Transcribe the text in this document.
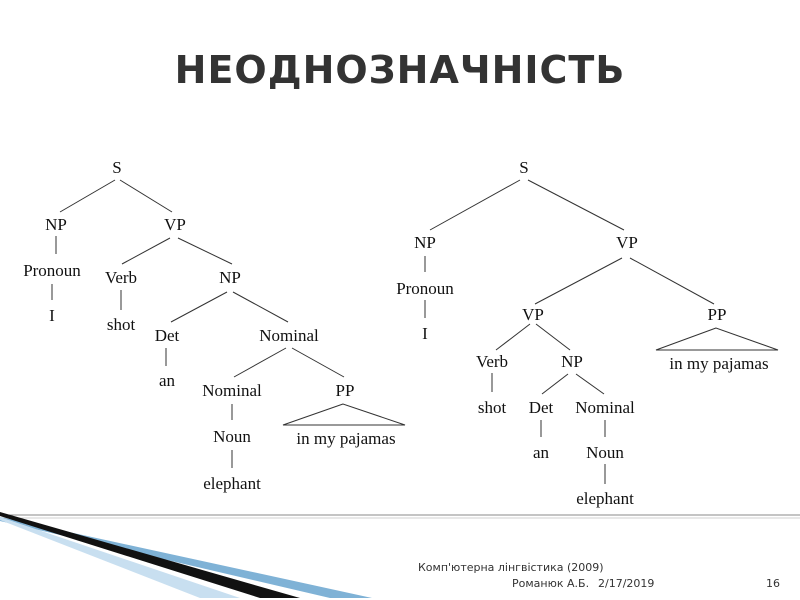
НЕОДНОЗНАЧНІСТЬ
S
NP	VP
Pronoun
I
Verb	NP
shot
Det	Nominal
an
Nominal	PP
Noun	in my pajamas
elephant
S
NP	VP
Pronoun
I
VP	PP
in my pajamas
Verb	NP
shot Det Nominal
an Noun
elephant
Комп'ютерна лінгвістика (2009)
Романюк А.Б. 2/17/2019	16
